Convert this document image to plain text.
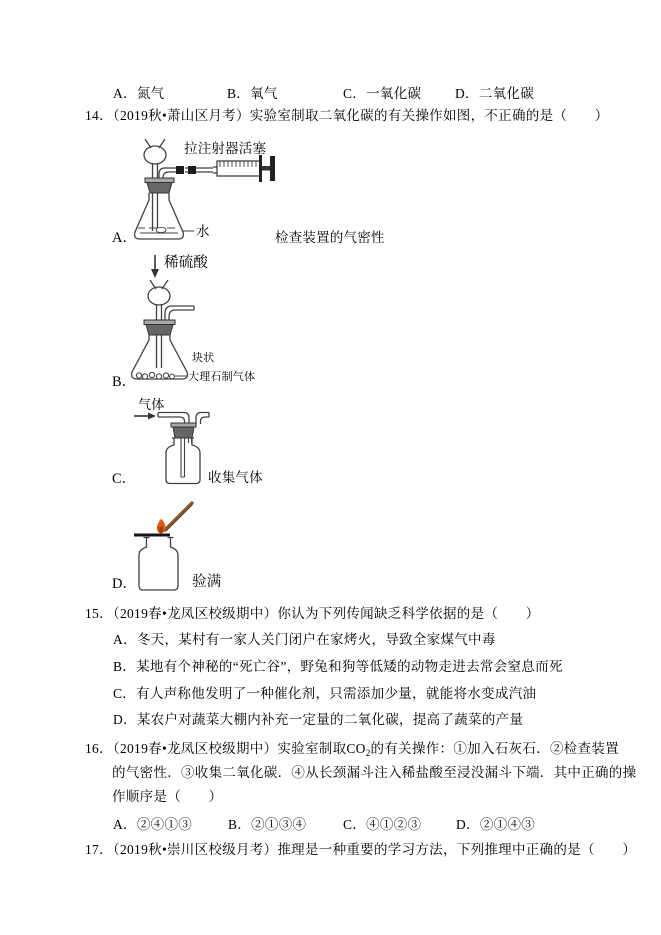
A．氮气	B．氧气	C．一氧化碳 D．二氧化碳
14．（2019秋•萧山区月考）实验室制取二氧化碳的有关操作如图，不正确的是（　　）
拉注射器活塞
水
A．	检查装置的气密性
稀硫酸
块状
大理石制气体
B．
气体
C．	收集气体
D．	验满
15．（2019春•龙凤区校级期中）你认为下列传闻缺乏科学依据的是（　　）
A．冬天，某村有一家人关门闭户在家烤火，导致全家煤气中毒
B．某地有个神秘的“死亡谷”，野兔和狗等低矮的动物走进去常会窒息而死
C．有人声称他发明了一种催化剂，只需添加少量，就能将水变成汽油
D．某农户对蔬菜大棚内补充一定量的二氧化碳，提高了蔬菜的产量
16．（2019春•龙凤区校级期中）实验室制取$CO_2$的有关操作：①加入石灰石．②检查装置
的气密性．③收集二氧化碳．④从长颈漏斗注入稀盐酸至浸没漏斗下端．其中正确的操
作顺序是（　　）
A．②④①③	B．②①③④	C．④①②③	D．②①④③
17．（2019秋•崇川区校级月考）推理是一种重要的学习方法，下列推理中正确的是（　　）
